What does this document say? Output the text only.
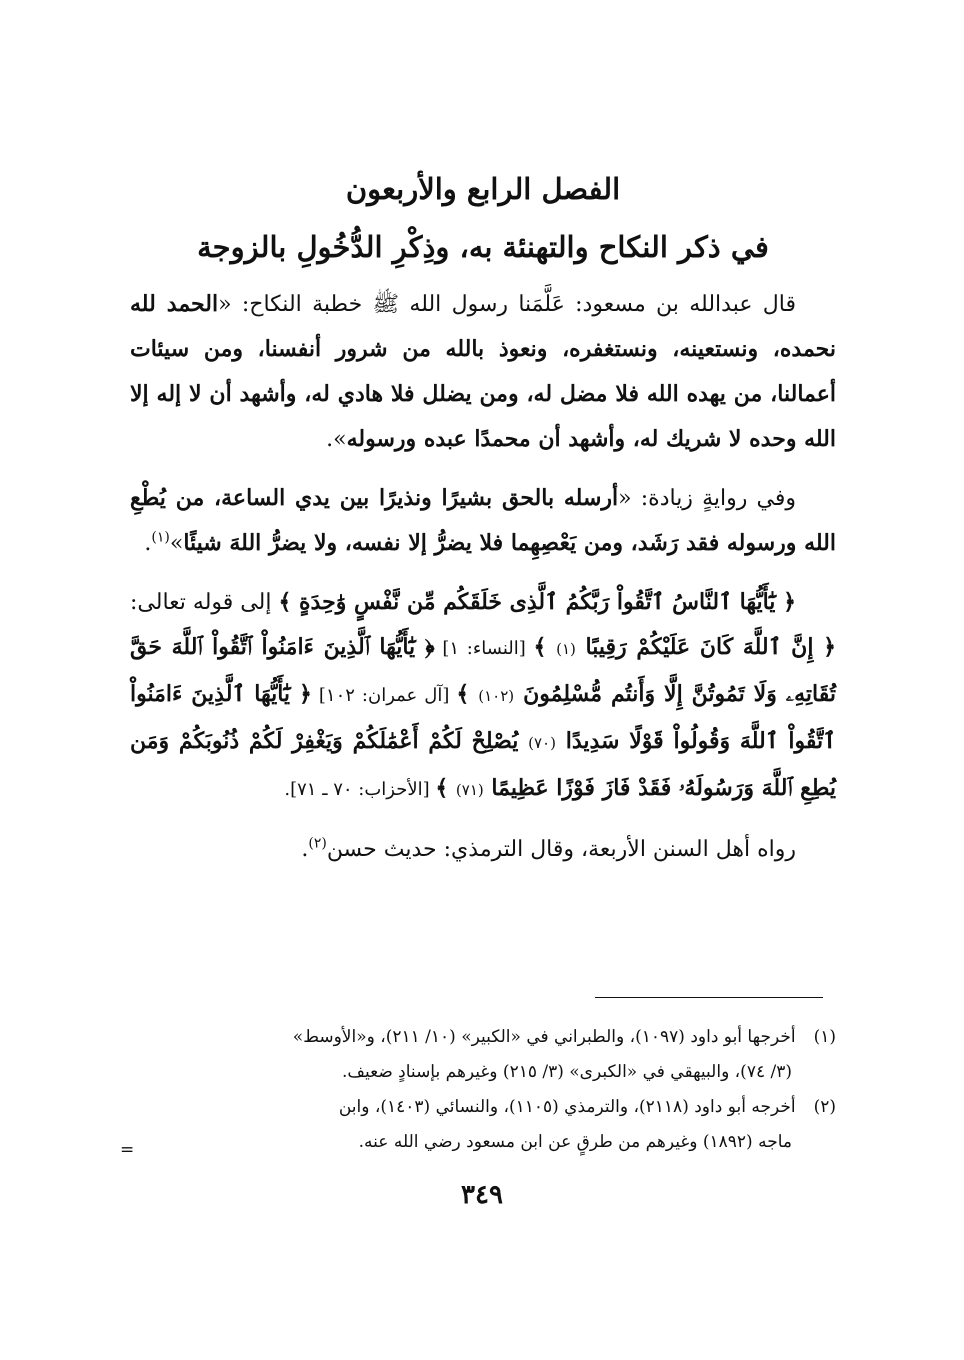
الفصل الرابع والأربعون
في ذكر النكاح والتهنئة به، وذِكْرِ الدُّخُولِ بالزوجة

قال عبدالله بن مسعود: عَلَّمَنا رسول الله ﷺ خطبة النكاح: «الحمد لله نحمده، ونستعينه، ونستغفره، ونعوذ بالله من شرور أنفسنا، ومن سيئات أعمالنا، من يهده الله فلا مضل له، ومن يضلل فلا هادي له، وأشهد أن لا إله إلا الله وحده لا شريك له، وأشهد أن محمدًا عبده ورسوله».

وفي روايةٍ زيادة: «أرسله بالحق بشيرًا ونذيرًا بين يدي الساعة، من يُطْعِ الله ورسوله فقد رَشَد، ومن يَعْصِهِما فلا يضرُّ إلا نفسه، ولا يضرُّ اللهَ شيئًا»$^{(١)}$.

﴿ يَٰٓأَيُّهَا ٱلنَّاسُ ٱتَّقُواْ رَبَّكُمُ ٱلَّذِى خَلَقَكُم مِّن نَّفْسٍ وَٰحِدَةٍ ﴾ إلى قوله تعالى: ﴿ إِنَّ ٱللَّهَ كَانَ عَلَيْكُمْ رَقِيبًا (١) ﴾ [النساء: ١] ﴿ يَٰٓأَيُّهَا ٱلَّذِينَ ءَامَنُواْ ٱتَّقُواْ ٱللَّهَ حَقَّ تُقَاتِهِۦ وَلَا تَمُوتُنَّ إِلَّا وَأَنتُم مُّسْلِمُونَ (١٠٢) ﴾ [آل عمران: ١٠٢] ﴿ يَٰٓأَيُّهَا ٱلَّذِينَ ءَامَنُواْ ٱتَّقُواْ ٱللَّهَ وَقُولُواْ قَوْلًا سَدِيدًا (٧٠) يُصْلِحْ لَكُمْ أَعْمَٰلَكُمْ وَيَغْفِرْ لَكُمْ ذُنُوبَكُمْ وَمَن يُطِعِ ٱللَّهَ وَرَسُولَهُۥ فَقَدْ فَازَ فَوْزًا عَظِيمًا (٧١) ﴾ [الأحزاب: ٧٠ ـ ٧١].

رواه أهل السنن الأربعة، وقال الترمذي: حديث حسن$^{(٢)}$.

(١)أخرجها أبو داود (١٠٩٧)، والطبراني في «الكبير» (١٠/ ٢١١)، و«الأوسط»
(٣/ ٧٤)، والبيهقي في «الكبرى» (٣/ ٢١٥) وغيرهم بإسنادٍ ضعيف.
(٢)أخرجه أبو داود (٢١١٨)، والترمذي (١١٠٥)، والنسائي (١٤٠٣)، وابن
ماجه (١٨٩٢) وغيرهم من طرقٍ عن ابن مسعود رضي الله عنه.
=
٣٤٩
